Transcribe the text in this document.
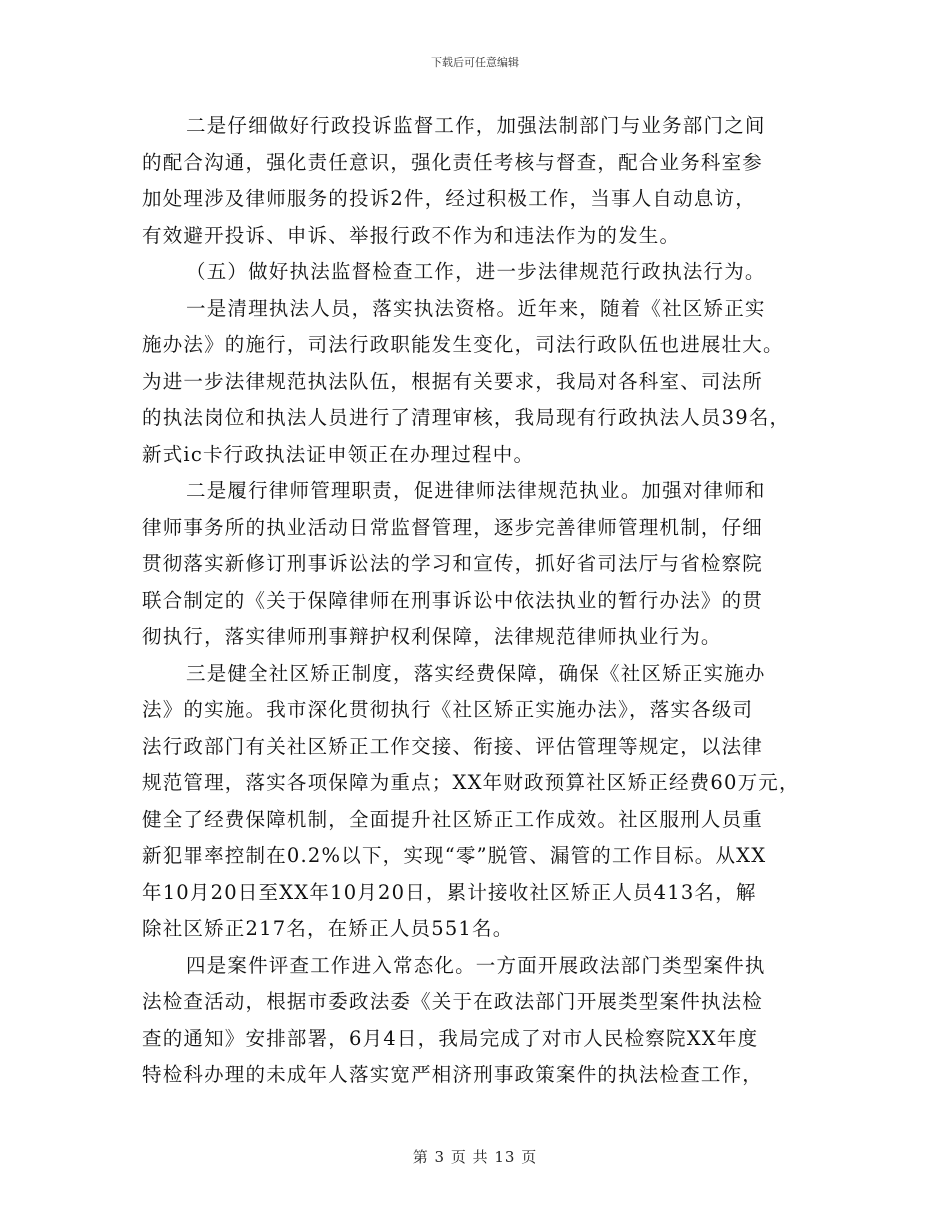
下载后可任意编辑
二是仔细做好行政投诉监督工作，加强法制部门与业务部门之间
的配合沟通，强化责任意识，强化责任考核与督查，配合业务科室参
加处理涉及律师服务的投诉2件，经过积极工作，当事人自动息访，
有效避开投诉、申诉、举报行政不作为和违法作为的发生。
（五）做好执法监督检查工作，进一步法律规范行政执法行为。
一是清理执法人员，落实执法资格。近年来，随着《社区矫正实
施办法》的施行，司法行政职能发生变化，司法行政队伍也进展壮大。
为进一步法律规范执法队伍，根据有关要求，我局对各科室、司法所
的执法岗位和执法人员进行了清理审核，我局现有行政执法人员39名，
新式ic卡行政执法证申领正在办理过程中。
二是履行律师管理职责，促进律师法律规范执业。加强对律师和
律师事务所的执业活动日常监督管理，逐步完善律师管理机制，仔细
贯彻落实新修订刑事诉讼法的学习和宣传，抓好省司法厅与省检察院
联合制定的《关于保障律师在刑事诉讼中依法执业的暂行办法》的贯
彻执行，落实律师刑事辩护权利保障，法律规范律师执业行为。
三是健全社区矫正制度，落实经费保障，确保《社区矫正实施办
法》的实施。我市深化贯彻执行《社区矫正实施办法》，落实各级司
法行政部门有关社区矫正工作交接、衔接、评估管理等规定，以法律
规范管理，落实各项保障为重点；XX年财政预算社区矫正经费60万元，
健全了经费保障机制，全面提升社区矫正工作成效。社区服刑人员重
新犯罪率控制在0.2%以下，实现“零”脱管、漏管的工作目标。从XX
年10月20日至XX年10月20日，累计接收社区矫正人员413名，解
除社区矫正217名，在矫正人员551名。
四是案件评查工作进入常态化。一方面开展政法部门类型案件执
法检查活动，根据市委政法委《关于在政法部门开展类型案件执法检
查的通知》安排部署，6月4日，我局完成了对市人民检察院XX年度
特检科办理的未成年人落实宽严相济刑事政策案件的执法检查工作，
第 3 页 共 13 页
